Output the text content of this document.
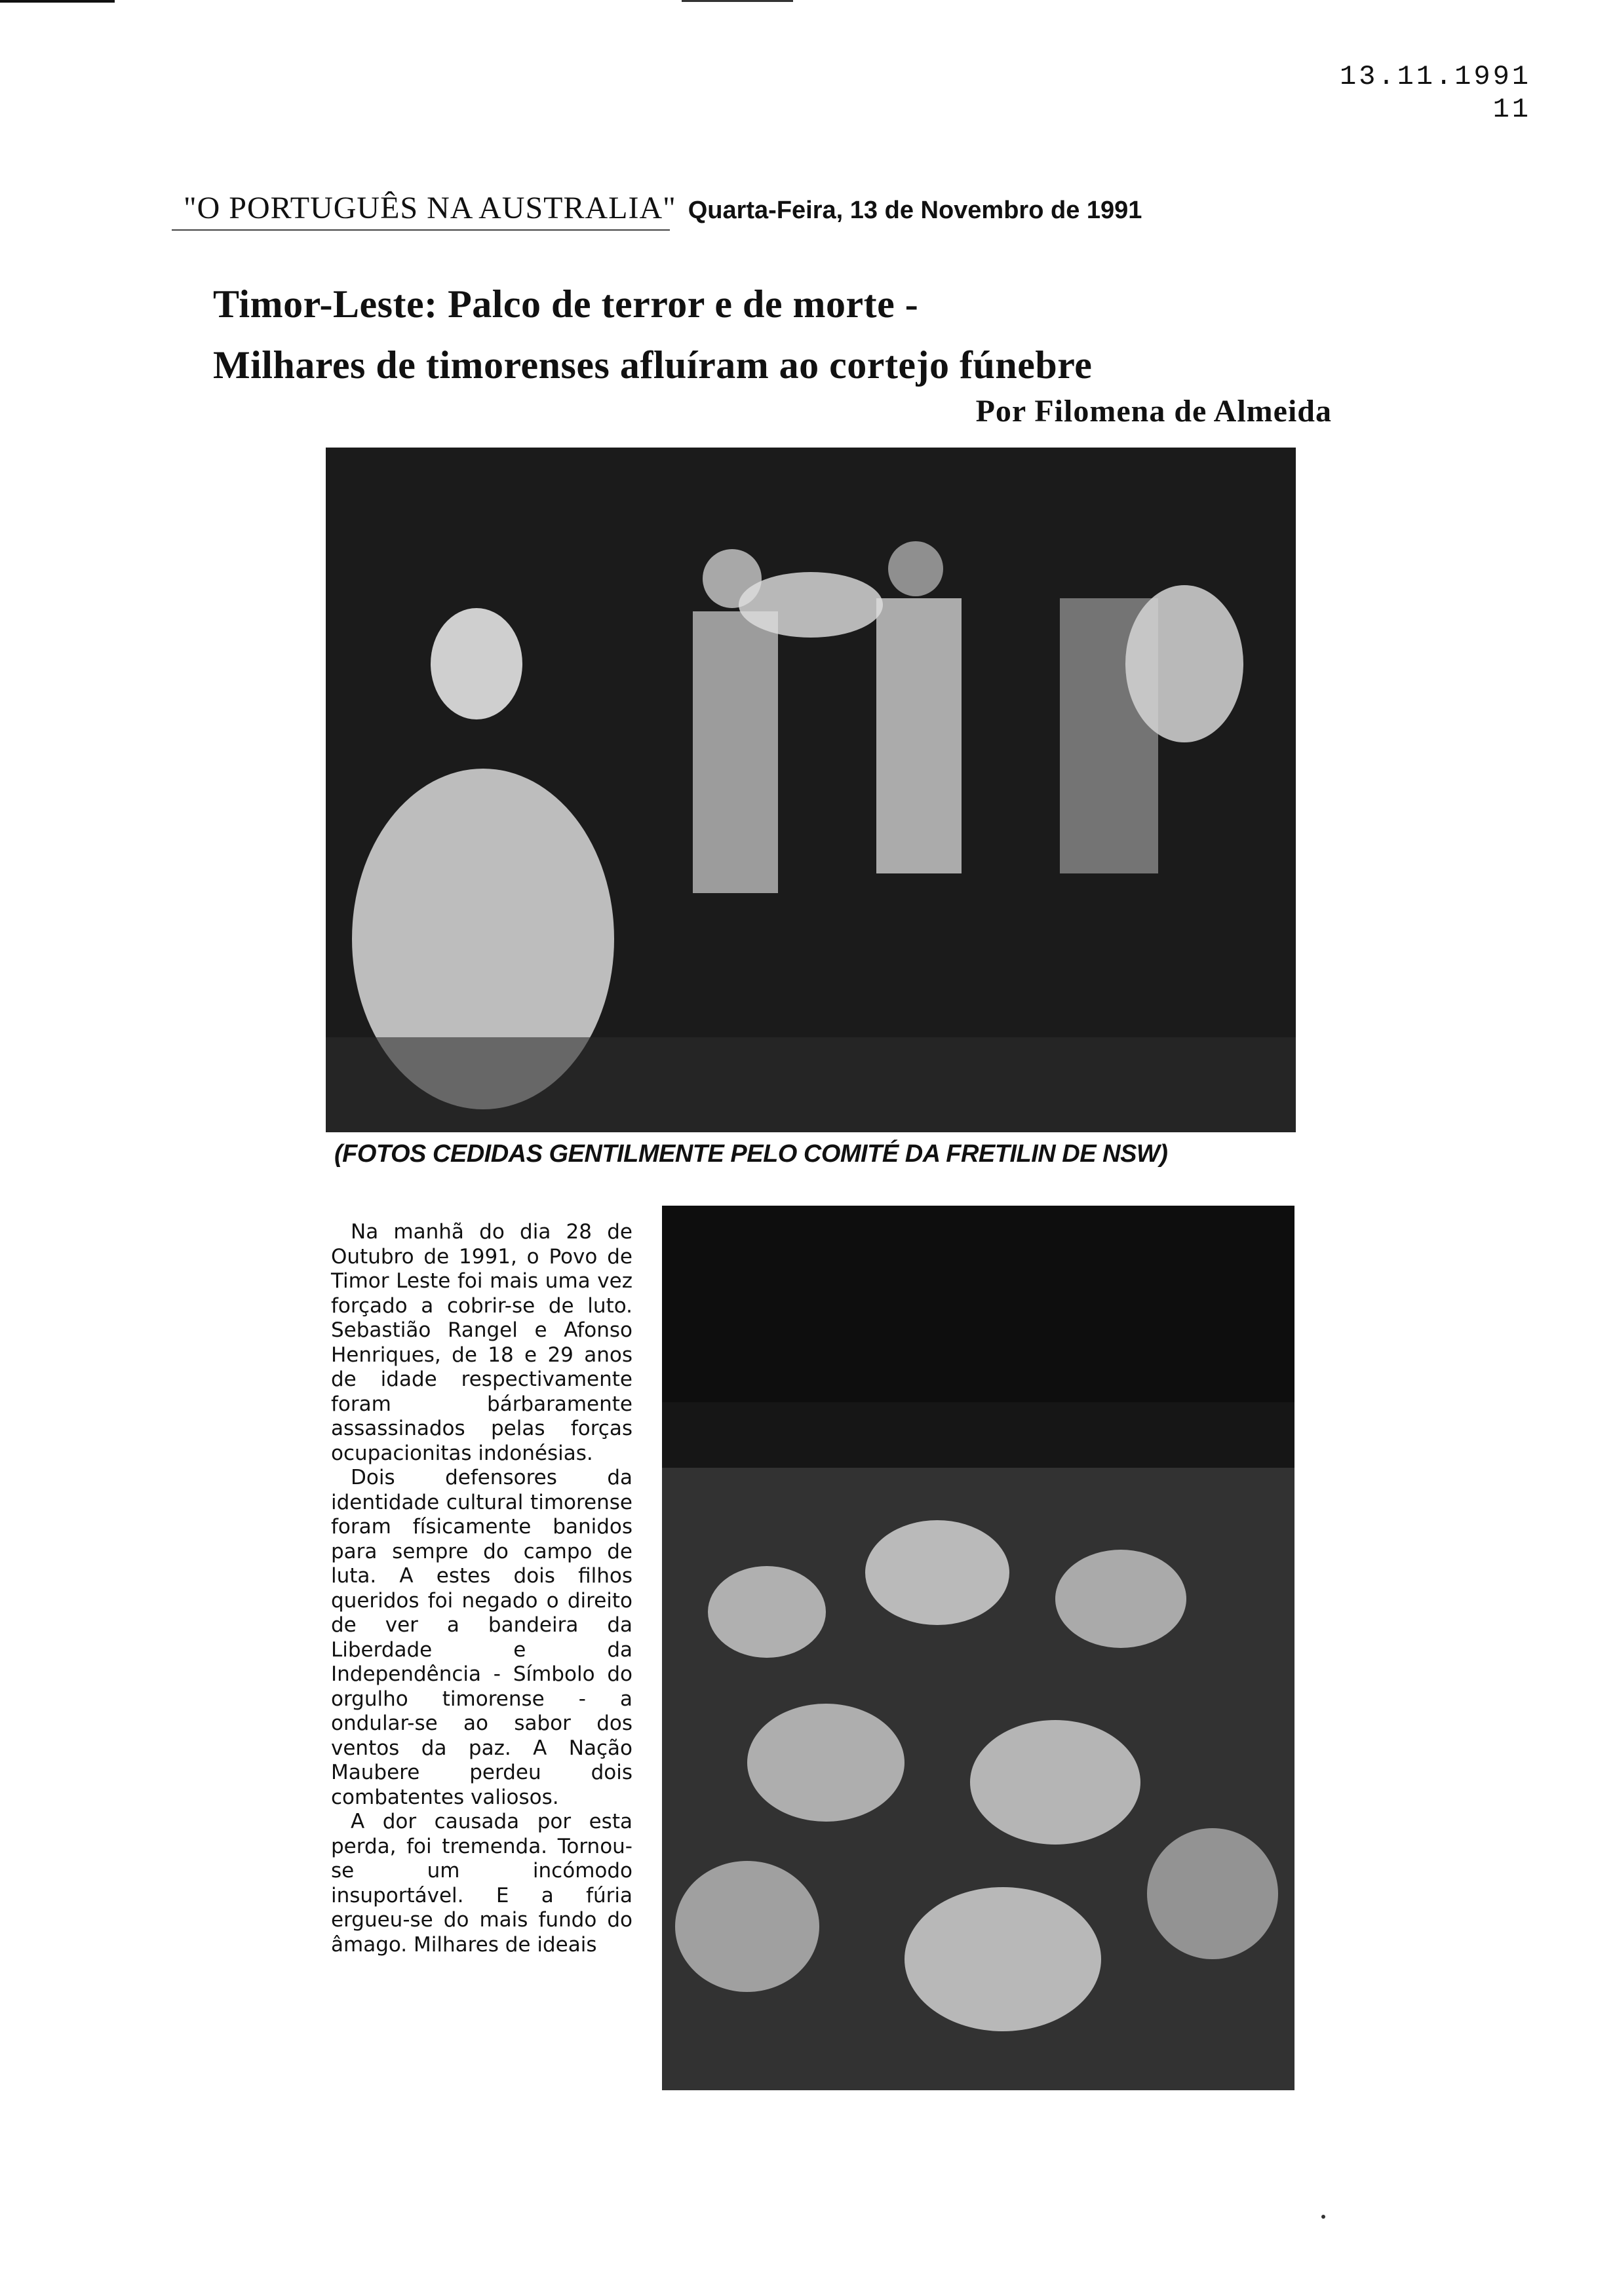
13.11.1991
11
"O PORTUGUÊS NA AUSTRALIA" Quarta-Feira, 13 de Novembro de 1991
Timor-Leste: Palco de terror e de morte -
Milhares de timorenses afluíram ao cortejo fúnebre
Por Filomena de Almeida
(FOTOS CEDIDAS GENTILMENTE PELO COMITÉ DA FRETILIN DE NSW)

Na manhã do dia 28 de Outubro de 1991, o Povo de Timor Leste foi mais uma vez forçado a cobrir-se de luto. Sebastião Rangel e Afonso Henriques, de 18 e 29 anos de idade respectivamente foram bárbaramente assassinados pelas forças ocupacionitas indonésias.

Dois defensores da identidade cultural timorense foram físicamente banidos para sempre do campo de luta. A estes dois filhos queridos foi negado o direito de ver a bandeira da Liberdade e da Independência - Símbolo do orgulho timorense - a ondular-se ao sabor dos ventos da paz. A Nação Maubere perdeu dois combatentes valiosos.

A dor causada por esta perda, foi tremenda. Tornou-se um incómodo insuportável. E a fúria ergueu-se do mais fundo do âmago. Milhares de ideais
